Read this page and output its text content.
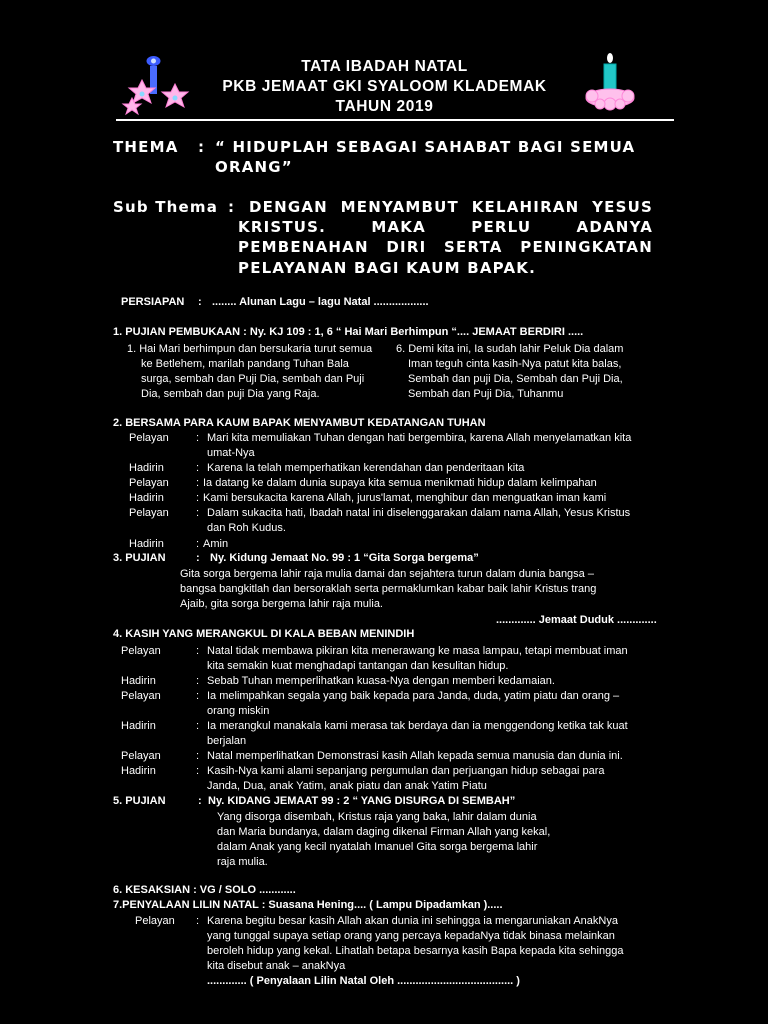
TATA IBADAH NATAL
PKB JEMAAT GKI SYALOOM KLADEMAK
TAHUN 2019
THEMA : “ HIDUPLAH SEBAGAI SAHABAT BAGI SEMUA
ORANG”
Sub Thema : DENGAN MENYAMBUT KELAHIRAN YESUS
KRISTUS. MAKA PERLU ADANYA
PEMBENAHAN DIRI SERTA PENINGKATAN
PELAYANAN BAGI KAUM BAPAK.
PERSIAPAN : ........ Alunan Lagu – lagu Natal ..................
1. PUJIAN PEMBUKAAN : Ny. KJ 109 : 1, 6 “ Hai Mari Berhimpun “.... JEMAAT BERDIRI .....
1. Hai Mari berhimpun dan bersukaria turut semua
ke Betlehem, marilah pandang Tuhan Bala
surga, sembah dan Puji Dia, sembah dan Puji
Dia, sembah dan puji Dia yang Raja.
6. Demi kita ini, Ia sudah lahir Peluk Dia dalam
Iman teguh cinta kasih-Nya patut kita balas,
Sembah dan puji Dia, Sembah dan Puji Dia,
Sembah dan Puji Dia, Tuhanmu
2. BERSAMA PARA KAUM BAPAK MENYAMBUT KEDATANGAN TUHAN
Pelayan : Mari kita memuliakan Tuhan dengan hati bergembira, karena Allah menyelamatkan kita
umat-Nya
Hadirin	: Karena Ia telah memperhatikan kerendahan dan penderitaan kita
Pelayan : Ia datang ke dalam dunia supaya kita semua menikmati hidup dalam kelimpahan
Hadirin	: Kami bersukacita karena Allah, jurus'lamat, menghibur dan menguatkan iman kami
Pelayan : Dalam sukacita hati, Ibadah natal ini diselenggarakan dalam nama Allah, Yesus Kristus
dan Roh Kudus.
Hadirin	: Amin
3. PUJIAN	: Ny. Kidung Jemaat No. 99 : 1 “Gita Sorga bergema”
Gita sorga bergema lahir raja mulia damai dan sejahtera turun dalam dunia bangsa –
bangsa bangkitlah dan bersoraklah serta permaklumkan kabar baik lahir Kristus trang
Ajaib, gita sorga bergema lahir raja mulia.
............. Jemaat Duduk .............
4. KASIH YANG MERANGKUL DI KALA BEBAN MENINDIH
Pelayan	: Natal tidak membawa pikiran kita menerawang ke masa lampau, tetapi membuat iman
kita semakin kuat menghadapi tantangan dan kesulitan hidup.
Hadirin	: Sebab Tuhan memperlihatkan kuasa-Nya dengan memberi kedamaian.
Pelayan	: Ia melimpahkan segala yang baik kepada para Janda, duda, yatim piatu dan orang –
orang miskin
Hadirin	: Ia merangkul manakala kami merasa tak berdaya dan ia menggendong ketika tak kuat
berjalan
Pelayan	: Natal memperlihatkan Demonstrasi kasih Allah kepada semua manusia dan dunia ini.
Hadirin	: Kasih-Nya kami alami sepanjang pergumulan dan perjuangan hidup sebagai para
Janda, Dua, anak Yatim, anak piatu dan anak Yatim Piatu
5. PUJIAN	: Ny. KIDANG JEMAAT 99 : 2 “ YANG DISURGA DI SEMBAH”
Yang disorga disembah, Kristus raja yang baka, lahir dalam dunia
dan Maria bundanya, dalam daging dikenal Firman Allah yang kekal,
dalam Anak yang kecil nyatalah Imanuel Gita sorga bergema lahir
raja mulia.
6. KESAKSIAN : VG / SOLO ............
7.PENYALAAN LILIN NATAL : Suasana Hening.... ( Lampu Dipadamkan ).....
Pelayan : Karena begitu besar kasih Allah akan dunia ini sehingga ia mengaruniakan AnakNya
yang tunggal supaya setiap orang yang percaya kepadaNya tidak binasa melainkan
beroleh hidup yang kekal. Lihatlah betapa besarnya kasih Bapa kepada kita sehingga
kita disebut anak – anakNya
............. ( Penyalaan Lilin Natal Oleh ...................................... )
